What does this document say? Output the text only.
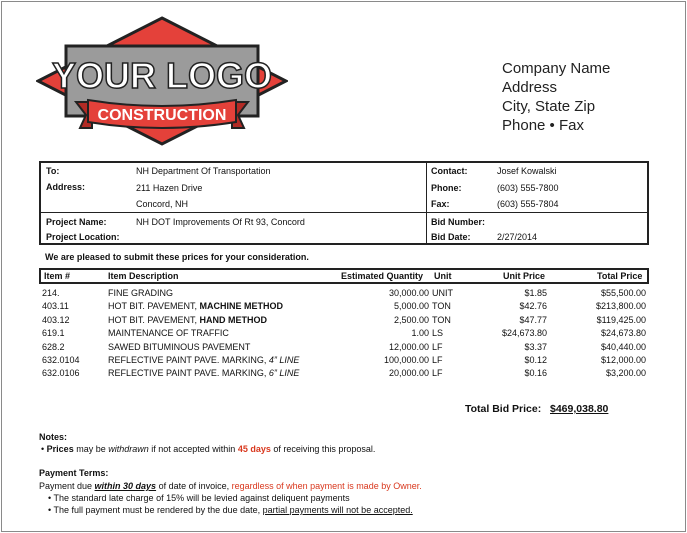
YOUR LOGO
CONSTRUCTION
Company Name
Address
City, State Zip
Phone • Fax
To:	NH Department Of Transportation
Address:	211 Hazen Drive
Concord, NH
Contact:	Josef Kowalski
Phone:	(603) 555-7800
Fax:	(603) 555-7804
Project Name:	NH DOT Improvements Of Rt 93, Concord
Project Location:
Bid Number:
Bid Date:	2/27/2014
We are pleased to submit these prices for your consideration.
Item #	Item Description	Estimated Quantity Unit	Unit Price	Total Price
214.	FINE GRADING	30,000.00 UNIT	$1.85	$55,500.00
403.11	HOT BIT. PAVEMENT, MACHINE METHOD	5,000.00 TON	$42.76	$213,800.00
403.12	HOT BIT. PAVEMENT, HAND METHOD	2,500.00 TON	$47.77	$119,425.00
619.1	MAINTENANCE OF TRAFFIC	1.00 LS	$24,673.80	$24,673.80
628.2	SAWED BITUMINOUS PAVEMENT	12,000.00 LF	$3.37	$40,440.00
632.0104	REFLECTIVE PAINT PAVE. MARKING, 4” LINE	100,000.00 LF	$0.12	$12,000.00
632.0106	REFLECTIVE PAINT PAVE. MARKING, 6” LINE	20,000.00 LF	$0.16	$3,200.00
Total Bid Price: $469,038.80
Notes:
• Prices may be withdrawn if not accepted within 45 days of receiving this proposal.
Payment Terms:
Payment due within 30 days of date of invoice, regardless of when payment is made by Owner.
• The standard late charge of 15% will be levied against deliquent payments
• The full payment must be rendered by the due date, partial payments will not be accepted.
